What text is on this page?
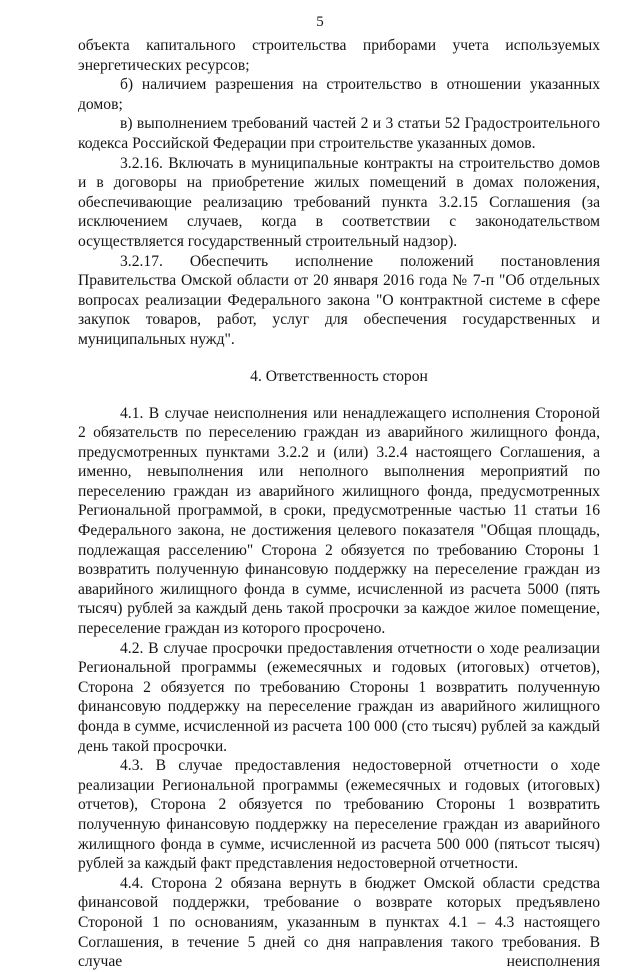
5

объекта капитального строительства приборами учета используемых энергетических ресурсов;

б) наличием разрешения на строительство в отношении указанных домов;

в) выполнением требований частей 2 и 3 статьи 52 Градостроительного кодекса Российской Федерации при строительстве указанных домов.

3.2.16. Включать в муниципальные контракты на строительство домов и в договоры на приобретение жилых помещений в домах положения, обеспечивающие реализацию требований пункта 3.2.15 Соглашения (за исключением случаев, когда в соответствии с законодательством осуществляется государственный строительный надзор).

3.2.17. Обеспечить исполнение положений постановления Правительства Омской области от 20 января 2016 года № 7-п "Об отдельных вопросах реализации Федерального закона "О контрактной системе в сфере закупок товаров, работ, услуг для обеспечения государственных и муниципальных нужд".

4. Ответственность сторон

4.1. В случае неисполнения или ненадлежащего исполнения Стороной 2 обязательств по переселению граждан из аварийного жилищного фонда, предусмотренных пунктами 3.2.2 и (или) 3.2.4 настоящего Соглашения, а именно, невыполнения или неполного выполнения мероприятий по переселению граждан из аварийного жилищного фонда, предусмотренных Региональной программой, в сроки, предусмотренные частью 11 статьи 16 Федерального закона, не достижения целевого показателя "Общая площадь, подлежащая расселению" Сторона 2 обязуется по требованию Стороны 1 возвратить полученную финансовую поддержку на переселение граждан из аварийного жилищного фонда в сумме, исчисленной из расчета 5000 (пять тысяч) рублей за каждый день такой просрочки за каждое жилое помещение, переселение граждан из которого просрочено.

4.2. В случае просрочки предоставления отчетности о ходе реализации Региональной программы (ежемесячных и годовых (итоговых) отчетов), Сторона 2 обязуется по требованию Стороны 1 возвратить полученную финансовую поддержку на переселение граждан из аварийного жилищного фонда в сумме, исчисленной из расчета 100 000 (сто тысяч) рублей за каждый день такой просрочки.

4.3. В случае предоставления недостоверной отчетности о ходе реализации Региональной программы (ежемесячных и годовых (итоговых) отчетов), Сторона 2 обязуется по требованию Стороны 1 возвратить полученную финансовую поддержку на переселение граждан из аварийного жилищного фонда в сумме, исчисленной из расчета 500 000 (пятьсот тысяч) рублей за каждый факт представления недостоверной отчетности.

4.4. Сторона 2 обязана вернуть в бюджет Омской области средства финансовой поддержки, требование о возврате которых предъявлено Стороной 1 по основаниям, указанным в пунктах 4.1 – 4.3 настоящего Соглашения, в течение 5 дней со дня направления такого требования. В случае неисполнения
